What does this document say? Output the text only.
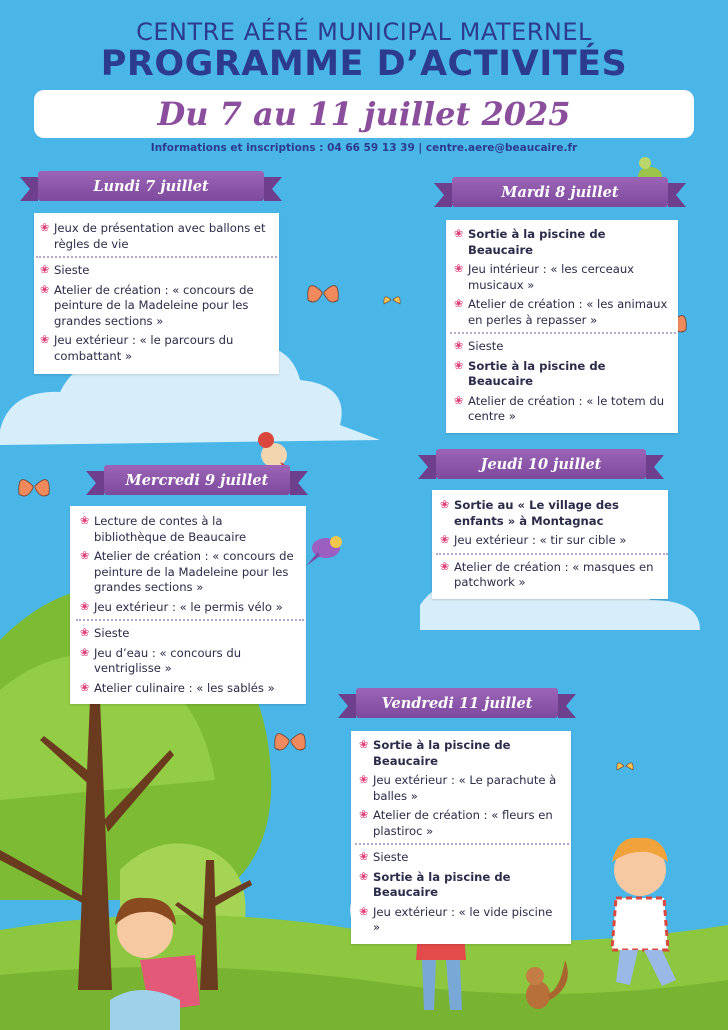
CENTRE AÉRÉ MUNICIPAL MATERNEL
PROGRAMME D’ACTIVITÉS
Du 7 au 11 juillet 2025
Informations et inscriptions : 04 66 59 13 39 | centre.aere@beaucaire.fr
❀ Jeux de présentation avec ballons et règles de vie
❀ Sieste
❀ Atelier de création : « concours de peinture de la Madeleine pour les grandes sections »
❀ Jeu extérieur : « le parcours du combattant »
Lundi 7 juillet
❀ Sortie à la piscine de Beaucaire
❀ Jeu intérieur : « les cerceaux musicaux »
❀ Atelier de création : « les animaux en perles à repasser »
❀ Sieste
❀ Sortie à la piscine de Beaucaire
❀ Atelier de création : « le totem du centre »
Mardi 8 juillet
❀ Lecture de contes à la bibliothèque de Beaucaire
❀ Atelier de création : « concours de peinture de la Madeleine pour les grandes sections »
❀ Jeu extérieur : « le permis vélo »
❀ Sieste
❀ Jeu d’eau : « concours du ventriglisse »
❀ Atelier culinaire : « les sablés »
Mercredi 9 juillet
❀ Sortie au « Le village des enfants » à Montagnac
❀ Jeu extérieur : « tir sur cible »
❀ Atelier de création : « masques en patchwork »
Jeudi 10 juillet
❀ Sortie à la piscine de Beaucaire
❀ Jeu extérieur : « Le parachute à balles »
❀ Atelier de création : « fleurs en plastiroc »
❀ Sieste
❀ Sortie à la piscine de Beaucaire
❀ Jeu extérieur : « le vide piscine »
Vendredi 11 juillet
